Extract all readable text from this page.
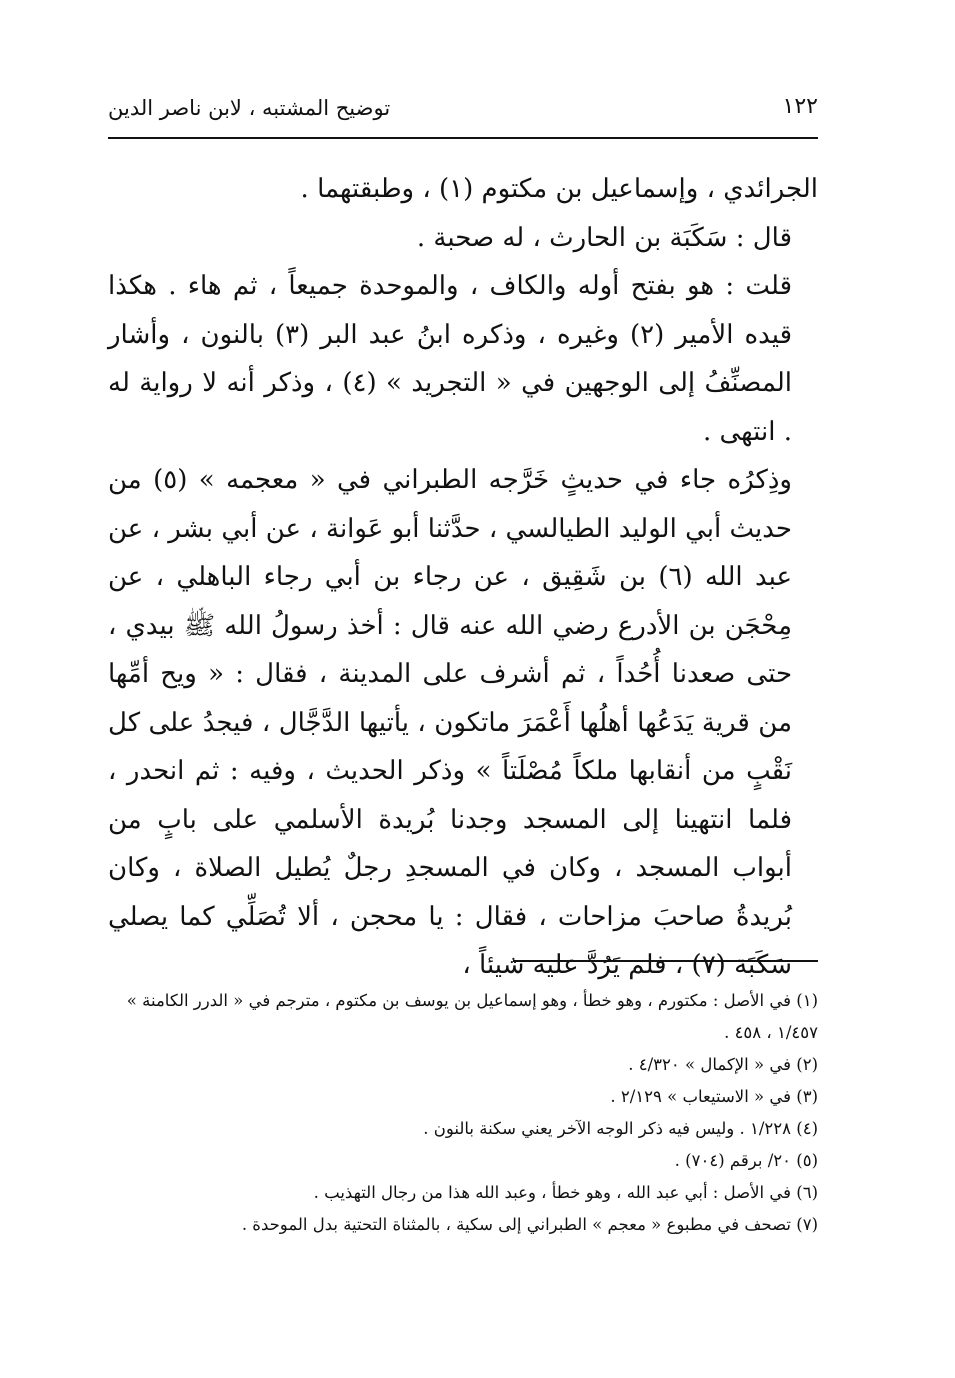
١٢٢
توضيح المشتبه ، لابن ناصر الدين

الجرائدي ، وإسماعيل بن مكتوم (١) ، وطبقتهما .

قال : سَكَبَة بن الحارث ، له صحبة .

قلت : هو بفتح أوله والكاف ، والموحدة جميعاً ، ثم هاء . هكذا قيده الأمير (٢) وغيره ، وذكره ابنُ عبد البر (٣) بالنون ، وأشار المصنِّفُ إلى الوجهين في « التجريد » (٤) ، وذكر أنه لا رواية له . انتهى .

وذِكرُه جاء في حديثٍ خَرَّجه الطبراني في « معجمه » (٥) من حديث أبي الوليد الطيالسي ، حدَّثنا أبو عَوانة ، عن أبي بشر ، عن عبد الله (٦) بن شَقِيق ، عن رجاء بن أبي رجاء الباهلي ، عن مِحْجَن بن الأدرع رضي الله عنه قال : أخذ رسولُ الله ﷺ بيدي ، حتى صعدنا أُحُداً ، ثم أشرف على المدينة ، فقال : « ويح أمِّها من قرية يَدَعُها أهلُها أَعْمَرَ ماتكون ، يأتيها الدَّجَّال ، فيجدُ على كل نَقْبٍ من أنقابها ملكاً مُصْلَتاً » وذكر الحديث ، وفيه : ثم انحدر ، فلما انتهينا إلى المسجد وجدنا بُريدة الأسلمي على بابٍ من أبواب المسجد ، وكان في المسجدِ رجلٌ يُطيل الصلاة ، وكان بُريدةُ صاحبَ مزاحات ، فقال : يا محجن ، ألا تُصَلِّي كما يصلي سَكَبَة (٧) ، فلم يَرُدَّ عليه شيئاً ،

(١) في الأصل : مكتورم ، وهو خطأ ، وهو إسماعيل بن يوسف بن مكتوم ، مترجم في « الدرر الكامنة »
١/٤٥٧ ، ٤٥٨ .
(٢) في « الإكمال » ٤/٣٢٠ .
(٣) في « الاستيعاب » ٢/١٢٩ .
(٤) ١/٢٢٨ . وليس فيه ذكر الوجه الآخر يعني سكنة بالنون .
(٥) ٢٠/ برقم (٧٠٤) .
(٦) في الأصل : أبي عبد الله ، وهو خطأ ، وعبد الله هذا من رجال التهذيب .
(٧) تصحف في مطبوع « معجم » الطبراني إلى سكية ، بالمثناة التحتية بدل الموحدة .
